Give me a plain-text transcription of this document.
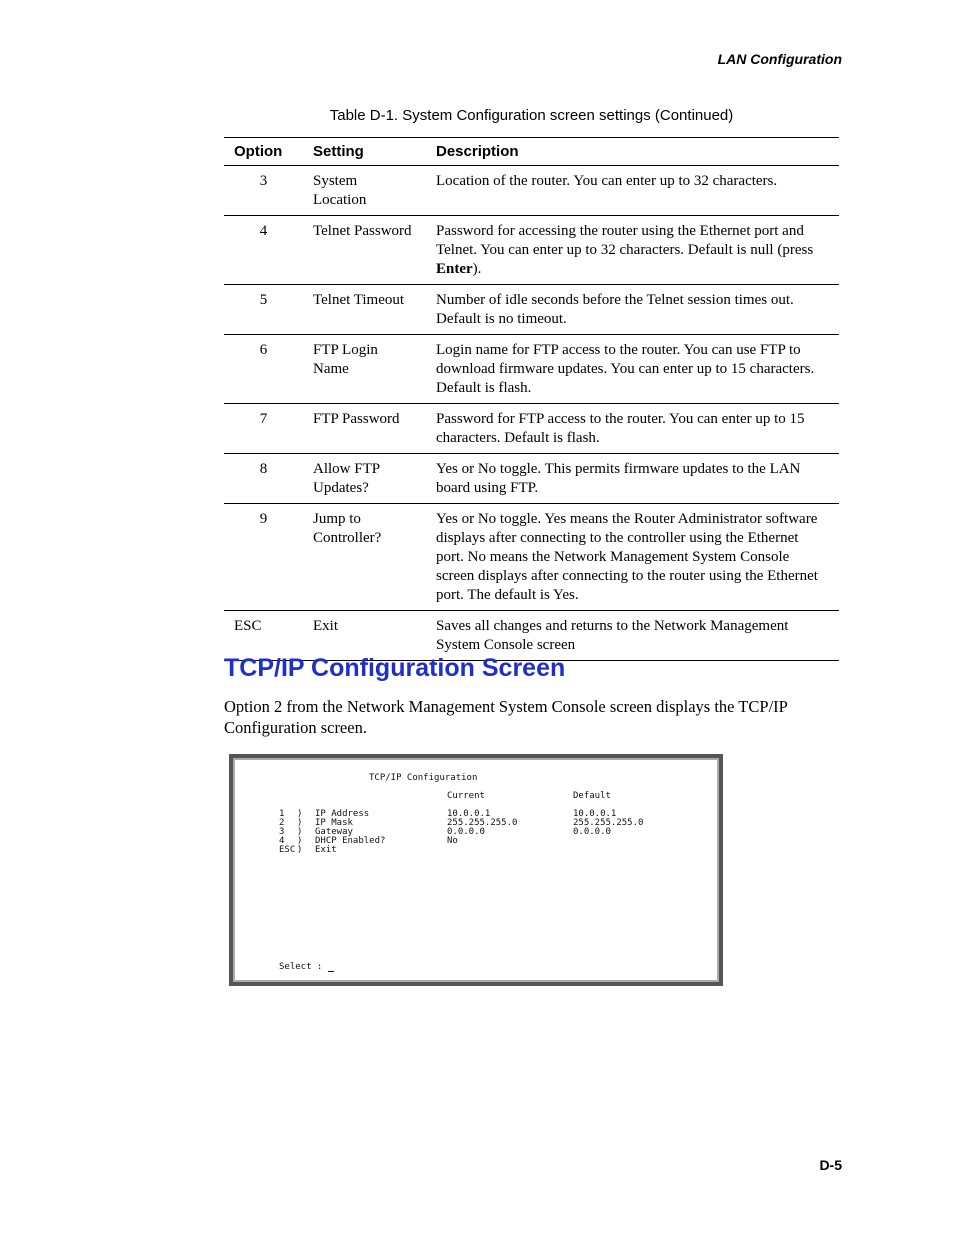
LAN Configuration
Table D-1. System Configuration screen settings (Continued)
Option	Setting	Description
3	System Location	Location of the router. You can enter up to 32 characters.
4	Telnet Password	Password for accessing the router using the Ethernet port and Telnet. You can enter up to 32 characters. Default is null (press Enter).
5	Telnet Timeout	Number of idle seconds before the Telnet session times out. Default is no timeout.
6	FTP Login Name	Login name for FTP access to the router. You can use FTP to download firmware updates. You can enter up to 15 characters. Default is flash.
7	FTP Password	Password for FTP access to the router. You can enter up to 15 characters. Default is flash.
8	Allow FTP Updates?	Yes or No toggle. This permits firmware updates to the LAN board using FTP.
9	Jump to Controller?	Yes or No toggle. Yes means the Router Administrator software displays after connecting to the controller using the Ethernet port. No means the Network Management System Console screen displays after connecting to the router using the Ethernet port. The default is Yes.
ESC	Exit	Saves all changes and returns to the Network Management System Console screen
TCP/IP Configuration Screen

Option 2 from the Network Management System Console screen displays the TCP/IP Configuration screen.

TCP/IP Configuration
Current	Default
1 ) IP Address	10.0.0.1	10.0.0.1
2 ) IP Mask	255.255.255.0	255.255.255.0
3 ) Gateway	0.0.0.0	0.0.0.0
4 ) DHCP Enabled?	No
ESC ) Exit
Select :
D-5
